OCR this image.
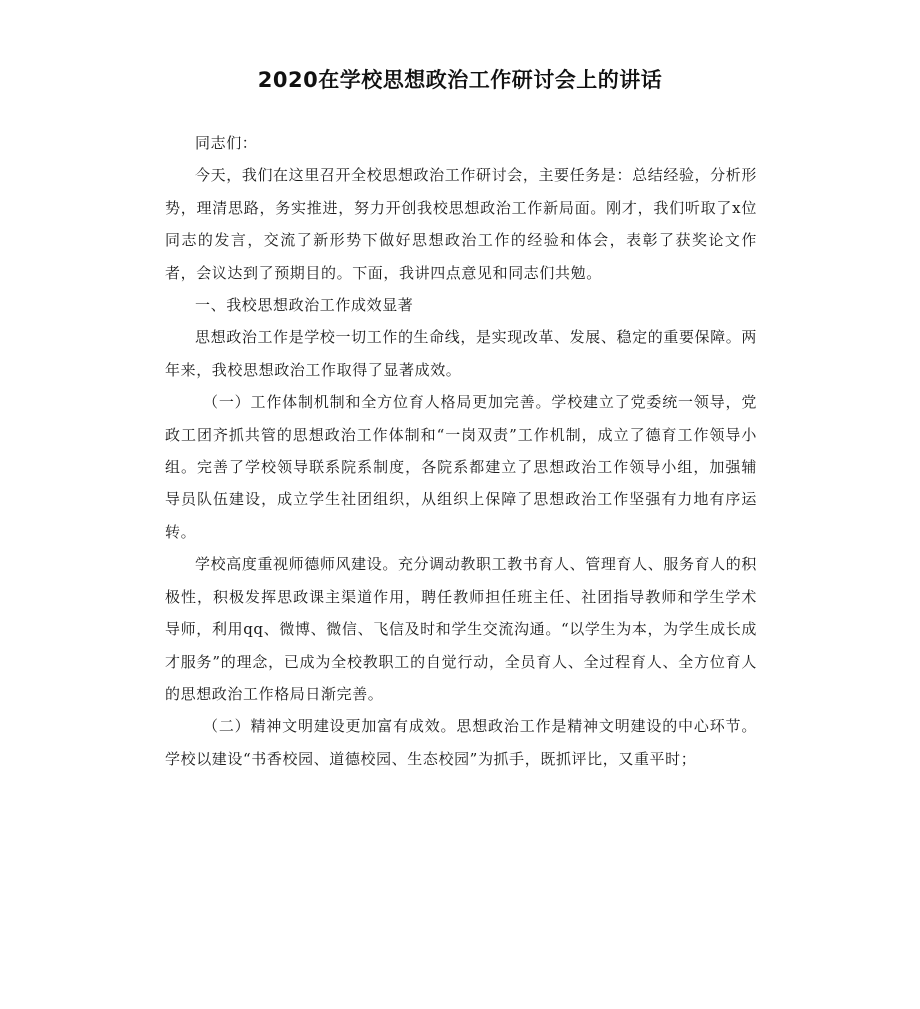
2020在学校思想政治工作研讨会上的讲话

同志们：

今天，我们在这里召开全校思想政治工作研讨会，主要任务是：总结经验，分析形势，理清思路，务实推进，努力开创我校思想政治工作新局面。刚才，我们听取了x位同志的发言，交流了新形势下做好思想政治工作的经验和体会，表彰了获奖论文作者，会议达到了预期目的。下面，我讲四点意见和同志们共勉。

一、我校思想政治工作成效显著

思想政治工作是学校一切工作的生命线，是实现改革、发展、稳定的重要保障。两年来，我校思想政治工作取得了显著成效。

（一）工作体制机制和全方位育人格局更加完善。学校建立了党委统一领导，党政工团齐抓共管的思想政治工作体制和“一岗双责”工作机制，成立了德育工作领导小组。完善了学校领导联系院系制度，各院系都建立了思想政治工作领导小组，加强辅导员队伍建设，成立学生社团组织，从组织上保障了思想政治工作坚强有力地有序运转。

学校高度重视师德师风建设。充分调动教职工教书育人、管理育人、服务育人的积极性，积极发挥思政课主渠道作用，聘任教师担任班主任、社团指导教师和学生学术导师，利用qq、微博、微信、飞信及时和学生交流沟通。“以学生为本，为学生成长成才服务”的理念，已成为全校教职工的自觉行动，全员育人、全过程育人、全方位育人的思想政治工作格局日渐完善。

（二）精神文明建设更加富有成效。思想政治工作是精神文明建设的中心环节。学校以建设“书香校园、道德校园、生态校园”为抓手，既抓评比，又重平时；
